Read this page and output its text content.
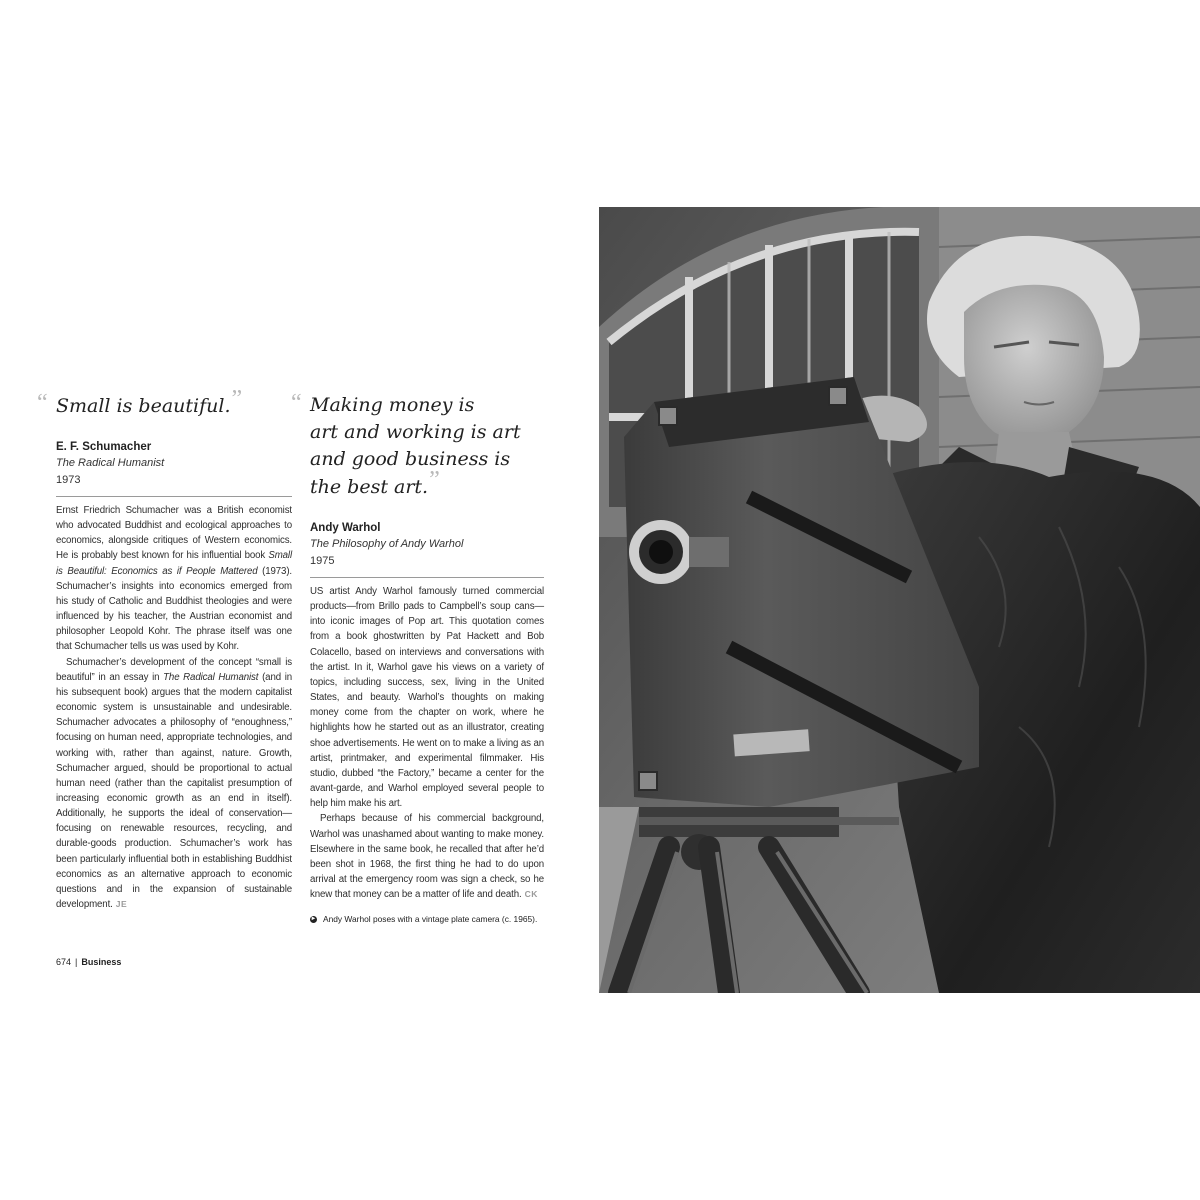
“ Small is beautiful.”

E. F. Schumacher
The Radical Humanist
1973

Ernst Friedrich Schumacher was a British economist who advocated Buddhist and ecological approaches to economics, alongside critiques of Western economics. He is probably best known for his influential book Small is Beautiful: Economics as if People Mattered (1973). Schumacher’s insights into economics emerged from his study of Catholic and Buddhist theologies and were influenced by his teacher, the Austrian economist and philosopher Leopold Kohr. The phrase itself was one that Schumacher tells us was used by Kohr.

Schumacher’s development of the concept “small is beautiful” in an essay in The Radical Humanist (and in his subsequent book) argues that the modern capitalist economic system is unsustainable and undesirable. Schumacher advocates a philosophy of “enoughness,” focusing on human need, appropriate technologies, and working with, rather than against, nature. Growth, Schumacher argued, should be proportional to actual human need (rather than the capitalist presumption of increasing economic growth as an end in itself). Additionally, he supports the ideal of conservation—focusing on renewable resources, recycling, and durable-goods production. Schumacher’s work has been particularly influential both in establishing Buddhist economics as an alternative approach to economic questions and in the expansion of sustainable development. JE

“ Making money is
art and working is art
and good business is
the best art.”

Andy Warhol
The Philosophy of Andy Warhol
1975

US artist Andy Warhol famously turned commercial products—from Brillo pads to Campbell’s soup cans—into iconic images of Pop art. This quotation comes from a book ghostwritten by Pat Hackett and Bob Colacello, based on interviews and conversations with the artist. In it, Warhol gave his views on a variety of topics, including success, sex, living in the United States, and beauty. Warhol’s thoughts on making money come from the chapter on work, where he highlights how he started out as an illustrator, creating shoe advertisements. He went on to make a living as an artist, printmaker, and experimental filmmaker. His studio, dubbed “the Factory,” became a center for the avant-garde, and Warhol employed several people to help him make his art.

Perhaps because of his commercial background, Warhol was unashamed about wanting to make money. Elsewhere in the same book, he recalled that after he’d been shot in 1968, the first thing he had to do upon arrival at the emergency room was sign a check, so he knew that money can be a matter of life and death. CK

► Andy Warhol poses with a vintage plate camera (c. 1965).
674 | Business
